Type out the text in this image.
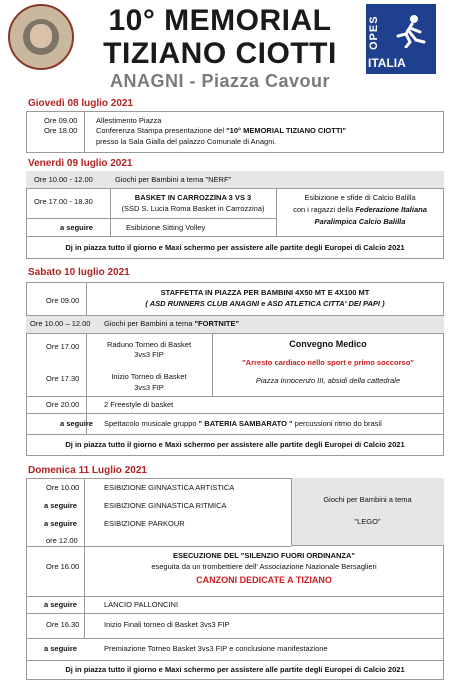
10° MEMORIAL
TIZIANO CIOTTI
ANAGNI - Piazza Cavour
OPES
ITALIA
Giovedì 08 luglio 2021
Ore 09.00 Allestimento Piazza
Ore 18.00 Conferenza Stampa presentazione del "10° MEMORIAL TIZIANO CIOTTI"
presso la Sala Gialla del palazzo Comunale di Anagni.
Venerdì 09 luglio 2021
Ore 10.00 - 12.00	Giochi per Bambini a tema "NERF"
Ore 17.00 - 18.30	BASKET IN CARROZZINA 3 VS 3
(SSD S. Lucia Roma Basket in Carrozzina)
Esibizione e sfide di Calcio Balilla
con i ragazzi della Federazione Italiana
Paralimpica Calcio Balilla
a seguire	Esibizione Sitting Volley
Dj in piazza tutto il giorno e Maxi schermo per assistere alle partite degli Europei di Calcio 2021
Sabato 10 luglio 2021
Ore 09.00
STAFFETTA IN PIAZZA PER BAMBINI 4X50 MT E 4X100 MT
( ASD RUNNERS CLUB ANAGNI e ASD ATLETICA CITTA' DEI PAPI )
Ore 10.00 – 12.00 Giochi per Bambini a tema "FORTNITE"
Ore 17.00	Raduno Torneo di Basket
3vs3 FIP
Ore 17.30	Inizio Torneo di Basket
3vs3 FIP
Convegno Medico
"Arresto cardiaco nello sport e primo soccorso"
Piazza Innocenzo III, absidi della cattedrale
Ore 20.00	2 Freestyle di basket
a seguire Spettacolo musicale gruppo " BATERIA SAMBARATO " percussioni ritmo do brasil
Dj in piazza tutto il giorno e Maxi schermo per assistere alle partite degli Europei di Calcio 2021
Domenica 11 Luglio 2021
Ore 10.00	ESIBIZIONE GINNASTICA ARTISTICA
a seguire	ESIBIZIONE GINNASTICA RITMICA
a seguire	ESIBIZIONE PARKOUR
ore 12.00
Giochi per Bambini a tema
"LEGO"
Ore 16.00
ESECUZIONE DEL "SILENZIO FUORI ORDINANZA"
eseguita da un trombettiere dell' Associazione Nazionale Bersaglieri
CANZONI DEDICATE A TIZIANO
a seguire	LANCIO PALLONCINI
Ore 16.30	Inizio Finali torneo di Basket 3vs3 FIP
a seguire	Premiazione Torneo Basket 3vs3 FIP e conclusione manifestazione
Dj in piazza tutto il giorno e Maxi schermo per assistere alle partite degli Europei di Calcio 2021
